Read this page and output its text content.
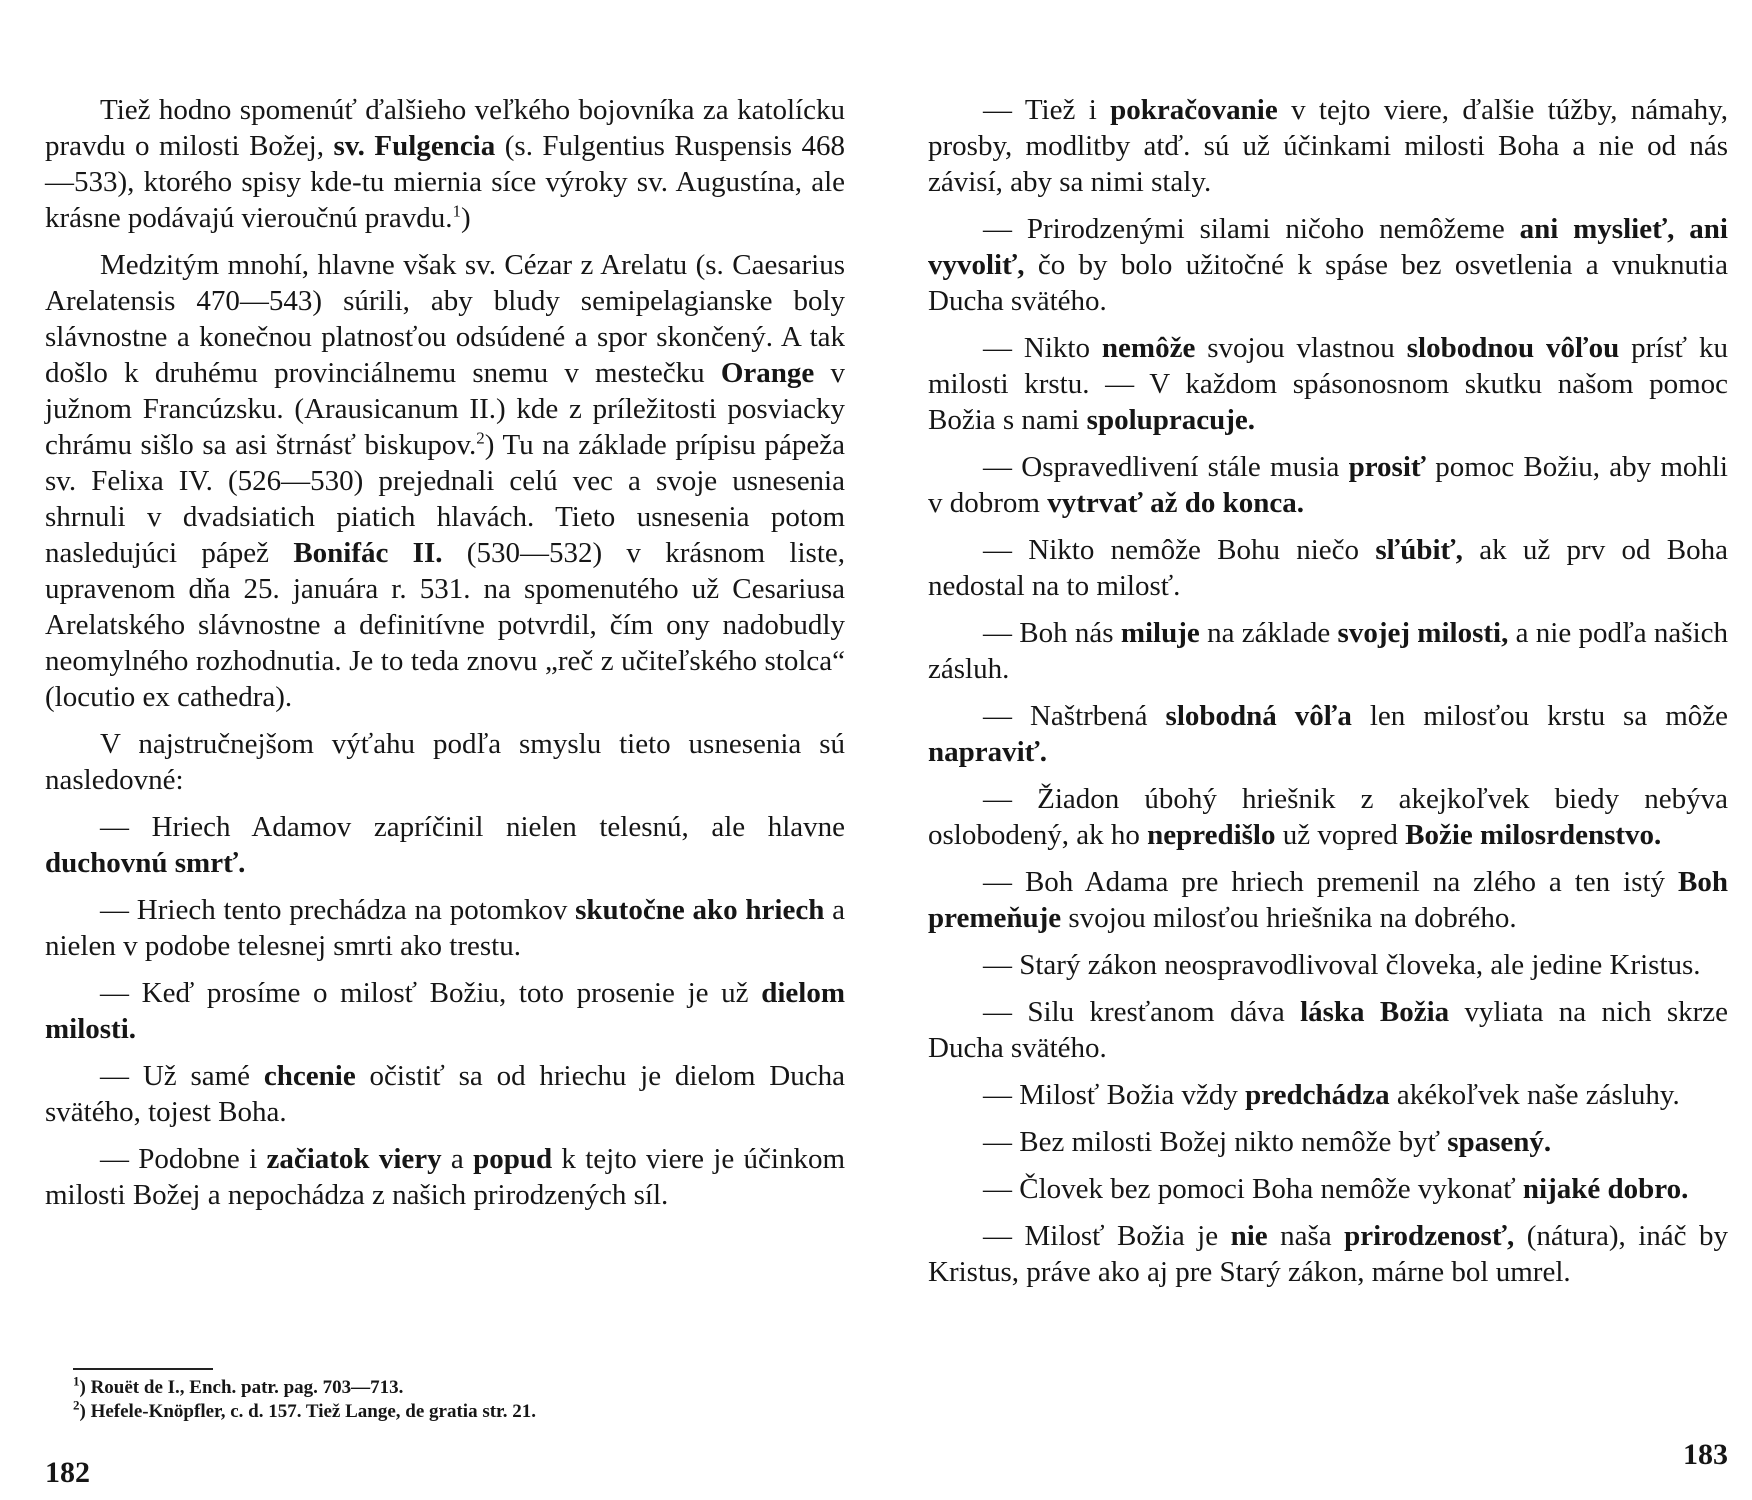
Tiež hodno spomenúť ďalšieho veľkého bojovníka za katolícku pravdu o milosti Božej, sv. Fulgencia (s. Fulgentius Ruspensis 468—533), ktorého spisy kde-tu miernia síce výroky sv. Augustína, ale krásne podávajú vieroučnú pravdu.$^1$)

Medzitým mnohí, hlavne však sv. Cézar z Arelatu (s. Caesarius Arelatensis 470—543) súrili, aby bludy semipelagianske boly slávnostne a konečnou platnosťou odsúdené a spor skončený. A tak došlo k druhému provinciálnemu snemu v mestečku Orange v južnom Francúzsku. (Arausicanum II.) kde z príležitosti posviacky chrámu sišlo sa asi štrnásť biskupov.$^2$) Tu na základe prípisu pápeža sv. Felixa IV. (526—530) prejednali celú vec a svoje usnesenia shrnuli v dvadsiatich piatich hlavách. Tieto usnesenia potom nasledujúci pápež Bonifác II. (530—532) v krásnom liste, upravenom dňa 25. januára r. 531. na spomenutého už Cesariusa Arelatského slávnostne a definitívne potvrdil, čím ony nadobudly neomylného rozhodnutia. Je to teda znovu „reč z učiteľského stolca“ (locutio ex cathedra).

V najstručnejšom výťahu podľa smyslu tieto usnesenia sú nasledovné:

— Hriech Adamov zapríčinil nielen telesnú, ale hlavne duchovnú smrť.

— Hriech tento prechádza na potomkov skutočne ako hriech a nielen v podobe telesnej smrti ako trestu.

— Keď prosíme o milosť Božiu, toto prosenie je už dielom milosti.

— Už samé chcenie očistiť sa od hriechu je dielom Ducha svätého, tojest Boha.

— Podobne i začiatok viery a popud k tejto viere je účinkom milosti Božej a nepochádza z našich prirodzených síl.

$^1$) Rouët de I., Ench. patr. pag. 703—713.

$^2$) Hefele-Knöpfler, c. d. 157. Tiež Lange, de gratia str. 21.

182

— Tiež i pokračovanie v tejto viere, ďalšie túžby, námahy, prosby, modlitby atď. sú už účinkami milosti Boha a nie od nás závisí, aby sa nimi staly.

— Prirodzenými silami ničoho nemôžeme ani myslieť, ani vyvoliť, čo by bolo užitočné k spáse bez osvetlenia a vnuknutia Ducha svätého.

— Nikto nemôže svojou vlastnou slobodnou vôľou prísť ku milosti krstu. — V každom spásonosnom skutku našom pomoc Božia s nami spolupracuje.

— Ospravedlivení stále musia prosiť pomoc Božiu, aby mohli v dobrom vytrvať až do konca.

— Nikto nemôže Bohu niečo sľúbiť, ak už prv od Boha nedostal na to milosť.

— Boh nás miluje na základe svojej milosti, a nie podľa našich zásluh.

— Naštrbená slobodná vôľa len milosťou krstu sa môže napraviť.

— Žiadon úbohý hriešnik z akejkoľvek biedy nebýva oslobodený, ak ho nepredišlo už vopred Božie milosrdenstvo.

— Boh Adama pre hriech premenil na zlého a ten istý Boh premeňuje svojou milosťou hriešnika na dobrého.

— Starý zákon neospravodlivoval človeka, ale jedine Kristus.

— Silu kresťanom dáva láska Božia vyliata na nich skrze Ducha svätého.

— Milosť Božia vždy predchádza akékoľvek naše zásluhy.

— Bez milosti Božej nikto nemôže byť spasený.

— Človek bez pomoci Boha nemôže vykonať nijaké dobro.

— Milosť Božia je nie naša prirodzenosť, (nátura), ináč by Kristus, práve ako aj pre Starý zákon, márne bol umrel.

183
